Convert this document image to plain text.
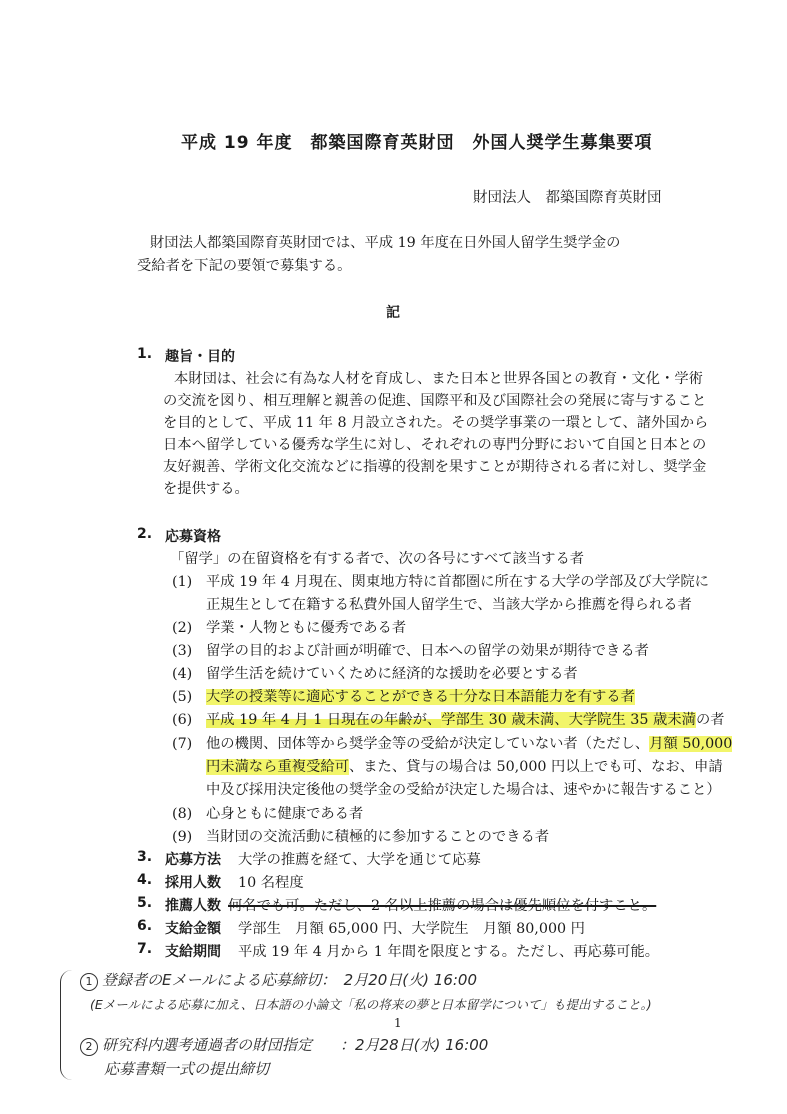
平成 19 年度　都築国際育英財団　外国人奨学生募集要項
財団法人　都築国際育英財団
財団法人都築国際育英財団では、平成 19 年度在日外国人留学生奨学金の
受給者を下記の要領で募集する。
記
1. 趣旨・目的
本財団は、社会に有為な人材を育成し、また日本と世界各国との教育・文化・学術
の交流を図り、相互理解と親善の促進、国際平和及び国際社会の発展に寄与すること
を目的として、平成 11 年 8 月設立された。その奨学事業の一環として、諸外国から
日本へ留学している優秀な学生に対し、それぞれの専門分野において自国と日本との
友好親善、学術文化交流などに指導的役割を果すことが期待される者に対し、奨学金
を提供する。
2. 応募資格
「留学」の在留資格を有する者で、次の各号にすべて該当する者
(1) 平成 19 年 4 月現在、関東地方特に首都圏に所在する大学の学部及び大学院に
正規生として在籍する私費外国人留学生で、当該大学から推薦を得られる者
(2) 学業・人物ともに優秀である者
(3) 留学の目的および計画が明確で、日本への留学の効果が期待できる者
(4) 留学生活を続けていくために経済的な援助を必要とする者
(5) 大学の授業等に適応することができる十分な日本語能力を有する者
(6) 平成 19 年 4 月 1 日現在の年齢が、学部生 30 歳未満、大学院生 35 歳未満の者
(7) 他の機関、団体等から奨学金等の受給が決定していない者（ただし、月額 50,000
円未満なら重複受給可、また、貸与の場合は 50,000 円以上でも可、なお、申請
中及び採用決定後他の奨学金の受給が決定した場合は、速やかに報告すること）
(8) 心身ともに健康である者
(9) 当財団の交流活動に積極的に参加することのできる者
3. 応募方法 大学の推薦を経て、大学を通じて応募
4. 採用人数 10 名程度
5. 推薦人数 何名でも可。ただし、2 名以上推薦の場合は優先順位を付すこと。
6. 支給金額 学部生　月額 65,000 円、大学院生　月額 80,000 円
7. 支給期間 平成 19 年 4 月から 1 年間を限度とする。ただし、再応募可能。
1 登録者のEメールによる応募締切：　2月20日(火) 16:00
(Eメールによる応募に加え、日本語の小論文「私の将来の夢と日本留学について」も提出すること。)
1
2 研究科内選考通過者の財団指定 ：2月28日(水) 16:00
応募書類一式の提出締切
